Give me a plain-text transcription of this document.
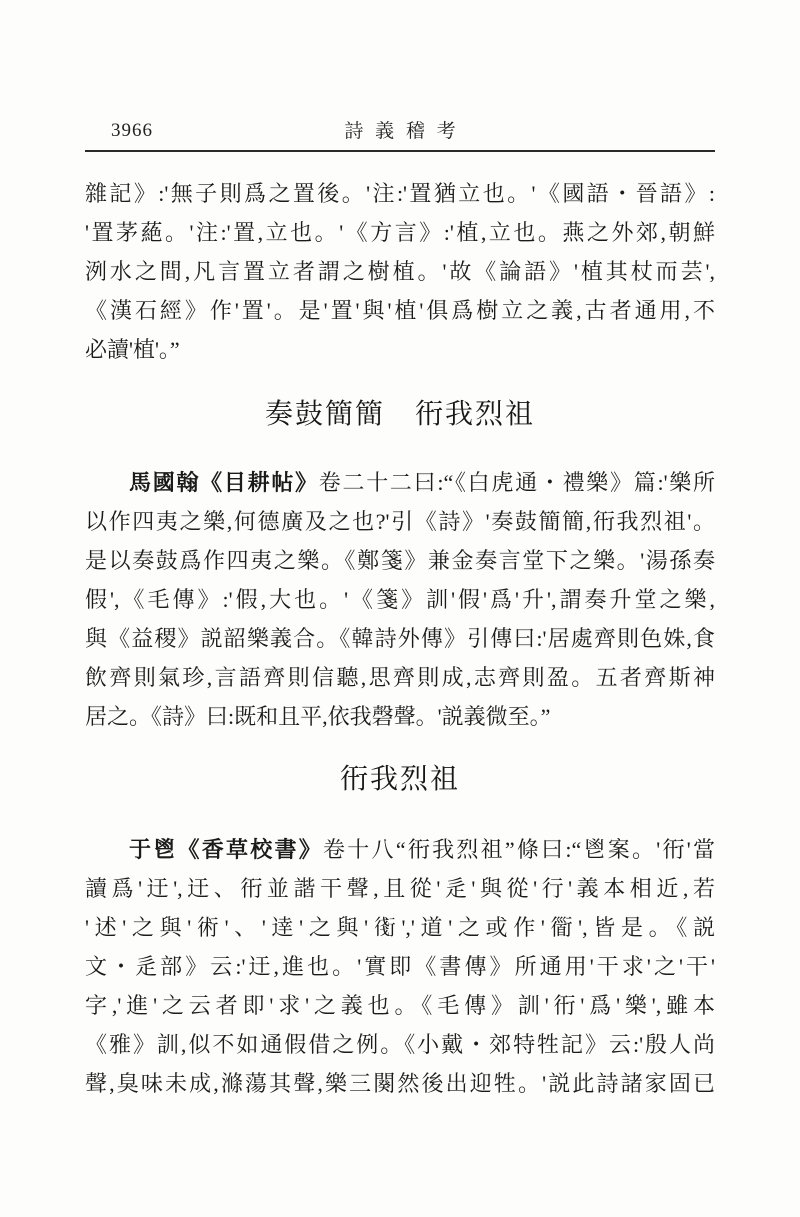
3966	詩義稽考
雜記》:'無子則爲之置後。'注:'置猶立也。'《國語・晉語》:
'置茅蕝。'注:'置,立也。'《方言》:'植,立也。燕之外郊,朝鮮
洌水之間,凡言置立者謂之樹植。'故《論語》'植其杖而芸',
《漢石經》作'置'。是'置'與'植'俱爲樹立之義,古者通用,不
必讀'植'。”
奏鼓簡簡　衎我烈祖
馬國翰《目耕帖》卷二十二曰:“《白虎通・禮樂》篇:'樂所
以作四夷之樂,何德廣及之也?'引《詩》'奏鼓簡簡,衎我烈祖'。
是以奏鼓爲作四夷之樂。《鄭箋》兼金奏言堂下之樂。'湯孫奏
假',《毛傳》:'假,大也。'《箋》訓'假'爲'升',謂奏升堂之樂,
與《益稷》説韶樂義合。《韓詩外傳》引傳曰:'居處齊則色姝,食
飲齊則氣珍,言語齊則信聽,思齊則成,志齊則盈。五者齊斯神
居之。《詩》曰:既和且平,依我磬聲。'説義微至。”
衎我烈祖
于鬯《香草校書》卷十八“衎我烈祖”條曰:“鬯案。'衎'當
讀爲'迀',迀、衎並諧干聲,且從'辵'與從'行'義本相近,若
'述'之與'術'、'逹'之與'𧗸','道'之或作'衟',皆是。《説
文・辵部》云:'迀,進也。'實即《書傳》所通用'干求'之'干'
字,'進'之云者即'求'之義也。《毛傳》訓'衎'爲'樂',雖本
《雅》訓,似不如通假借之例。《小戴・郊特牲記》云:'殷人尚
聲,臭味未成,滌蕩其聲,樂三闋然後出迎牲。'説此詩諸家固已
